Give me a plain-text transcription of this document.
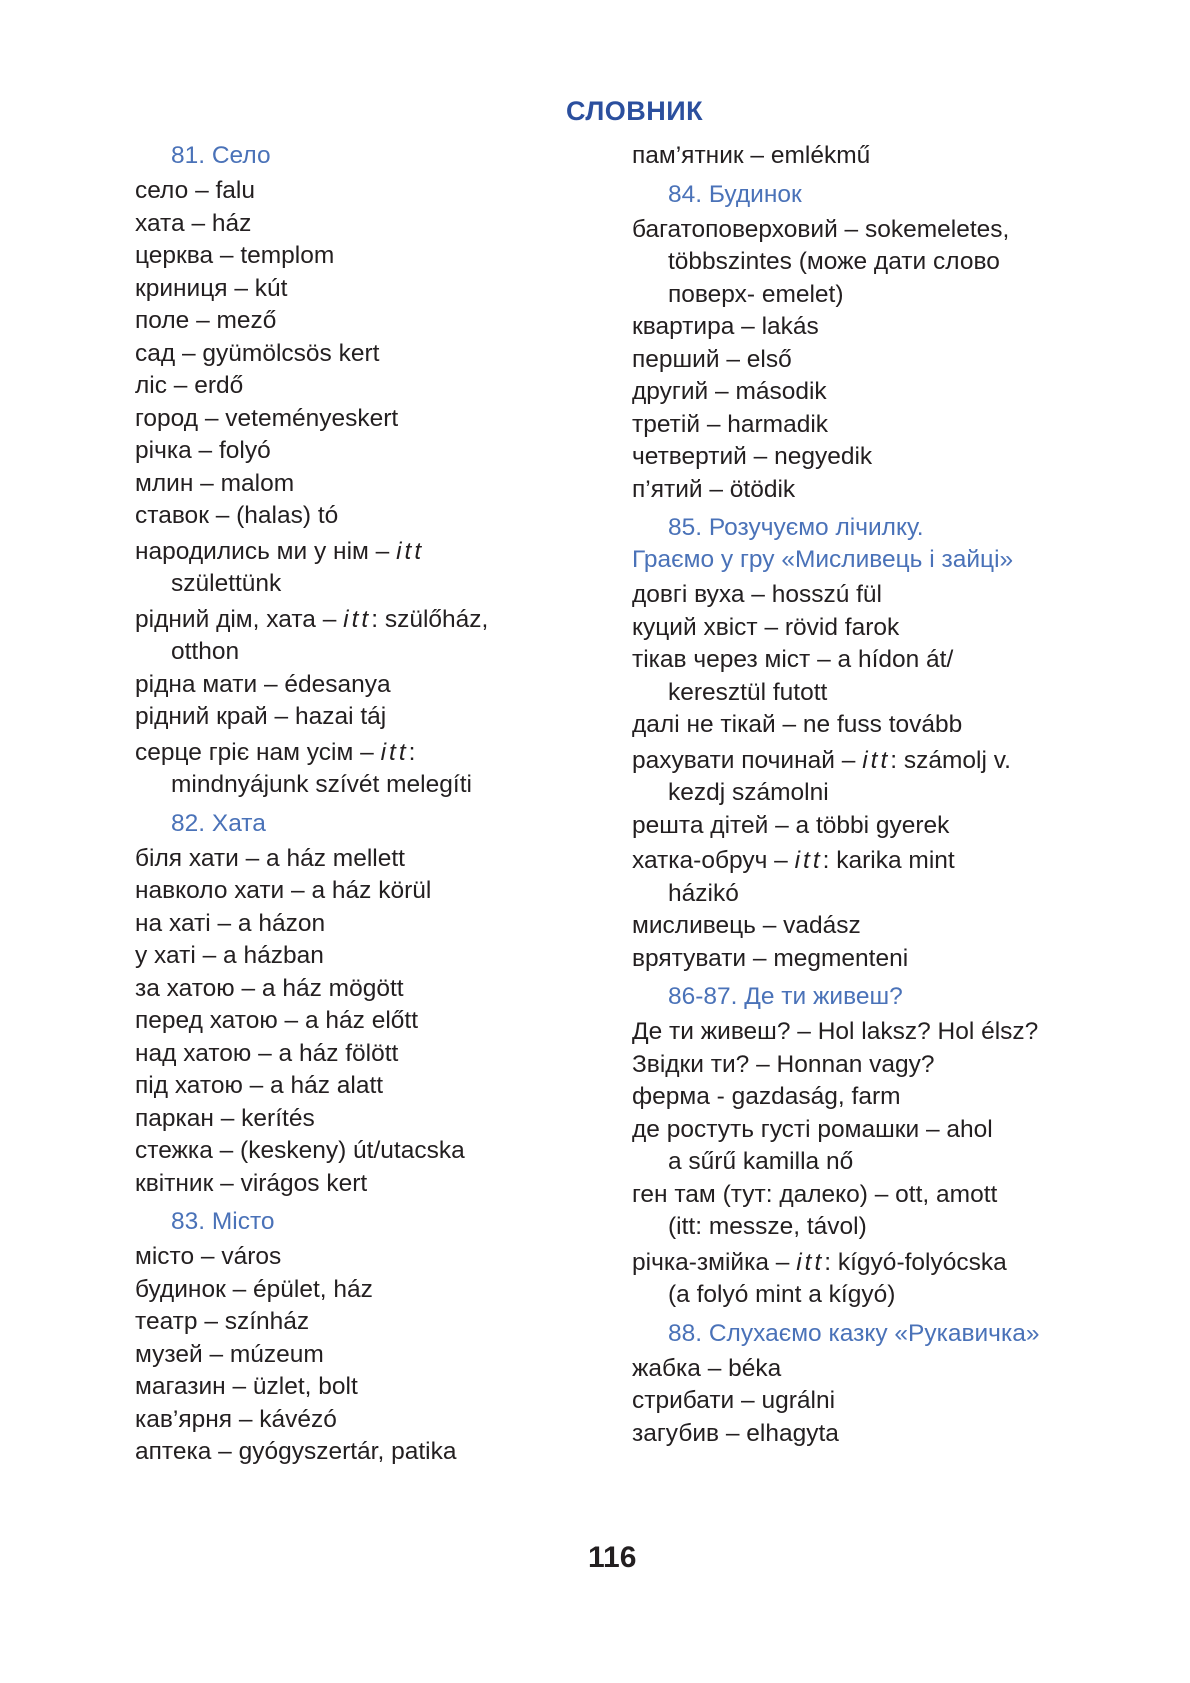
СЛОВНИК
81. Село
село – falu
хата – ház
церква – templom
криниця – kút
поле – mező
сад – gyümölcsös kert
ліс – erdő
город – veteményeskert
річка – folyó
млин – malom
ставок – (halas) tó
народились ми у нім – itt
születtünk
рідний дім, хата – itt: szülőház,
otthon
рідна мати – édesanya
рідний край – hazai táj
серце гріє нам усім – itt:
mindnyájunk szívét melegíti
82. Хата
біля хати – a ház mellett
навколо хати – a ház körül
на хаті – a házon
у хаті – a házban
за хатою – a ház mögött
перед хатою – a ház előtt
над хатою – a ház fölött
під хатою – a ház alatt
паркан – kerítés
стежка – (keskeny) út/utacska
квітник – virágos kert
83. Місто
місто – város
будинок – épület, ház
театр – színház
музей – múzeum
магазин – üzlet, bolt
кав’ярня – kávézó
аптека – gyógyszertár, patika
пам’ятник – emlékmű
84. Будинок
багатоповерховий – sokemeletes,
többszintes (може дати слово
поверх- emelet)
квартира – lakás
перший – első
другий – második
третій – harmadik
четвертий – negyedik
п’ятий – ötödik
85. Розучуємо лічилку.
Граємо у гру «Мисливець і зайці»
довгі вуха – hosszú fül
куций хвіст – rövid farok
тікав через міст – a hídon át/
keresztül futott
далі не тікай – ne fuss tovább
рахувати починай – itt: számolj v.
kezdj számolni
решта дітей – a többi gyerek
хатка-обруч – itt: karika mint
házikó
мисливець – vadász
врятувати – megmenteni
86-87. Де ти живеш?
Де ти живеш? – Hol laksz? Hol élsz?
Звідки ти? – Honnan vagy?
ферма - gazdaság, farm
де ростуть густі ромашки – ahol
a sűrű kamilla nő
ген там (тут: далеко) – ott, amott
(itt: messze, távol)
річка-змійка – itt: kígyó-folyócska
(a folyó mint a kígyó)
88. Слухаємо казку «Рукавичка»
жабка – béka
стрибати – ugrálni
загубив – elhagyta
116
